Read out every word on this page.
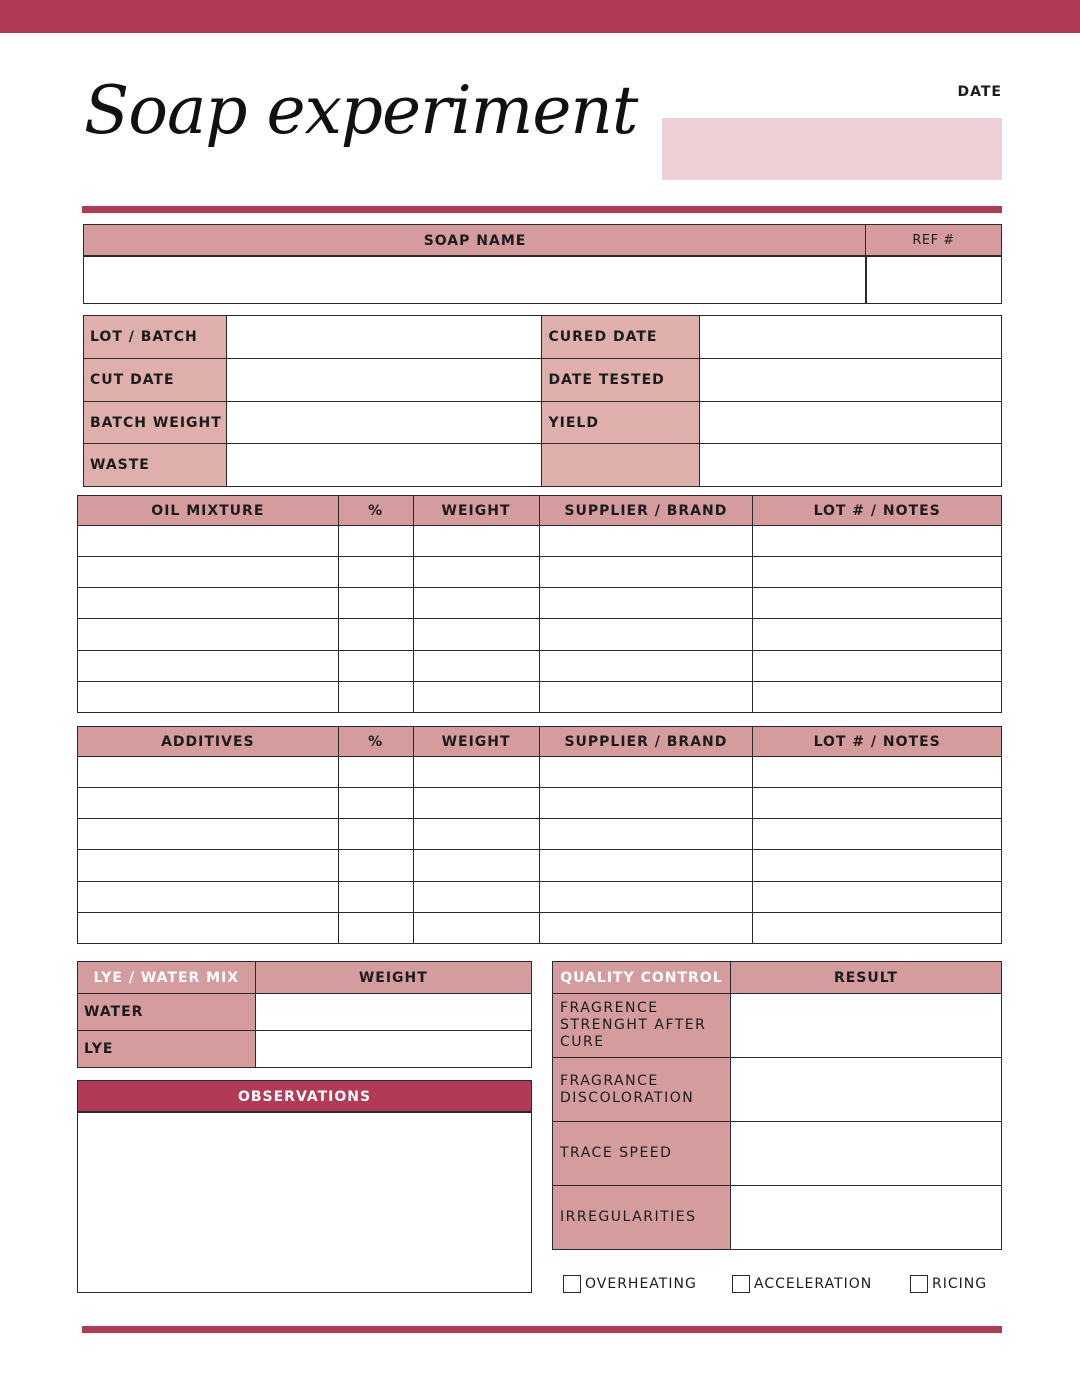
Soap experiment	DATE
SOAP NAME	REF #
LOT / BATCH		CURED DATE	
CUT DATE		DATE TESTED	
BATCH WEIGHT		YIELD	
WASTE			
OIL MIXTURE	%	WEIGHT	SUPPLIER / BRAND	LOT # / NOTES

ADDITIVES	%	WEIGHT	SUPPLIER / BRAND	LOT # / NOTES

LYE / WATER MIX	WEIGHT
WATER	
LYE	
OBSERVATIONS
QUALITY CONTROL	RESULT

FRAGRENCE STRENGHT AFTER CURE	

FRAGRANCE DISCOLORATION	

TRACE SPEED	

IRREGULARITIES	

OVERHEATING	ACCELERATION	RICING
